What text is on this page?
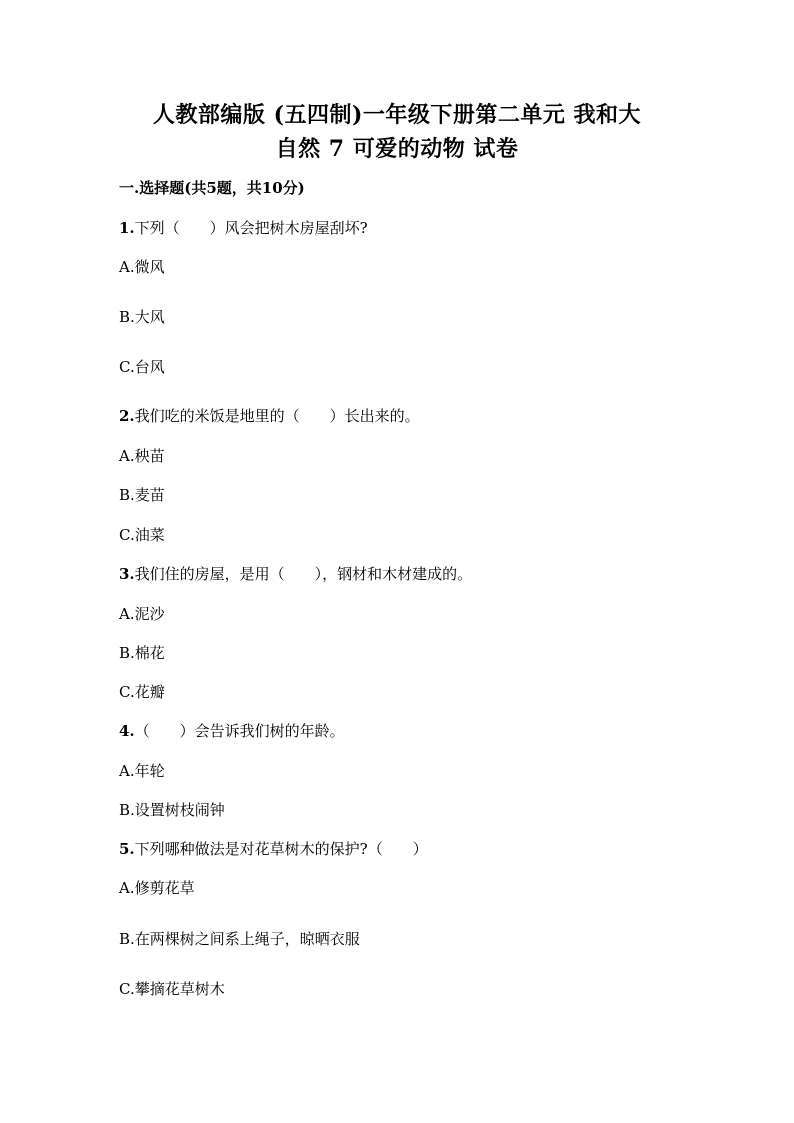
人教部编版 (五四制)一年级下册第二单元 我和大
自然 7 可爱的动物 试卷
一.选择题(共5题，共10分)
1.下列（　　）风会把树木房屋刮坏?
A.微风
B.大风
C.台风
2.我们吃的米饭是地里的（　　）长出来的。
A.秧苗
B.麦苗
C.油菜
3.我们住的房屋，是用（　　），钢材和木材建成的。
A.泥沙
B.棉花
C.花瓣
4.（　　）会告诉我们树的年龄。
A.年轮
B.设置树枝闹钟
5.下列哪种做法是对花草树木的保护?（　　）
A.修剪花草
B.在两棵树之间系上绳子，晾晒衣服
C.攀摘花草树木
